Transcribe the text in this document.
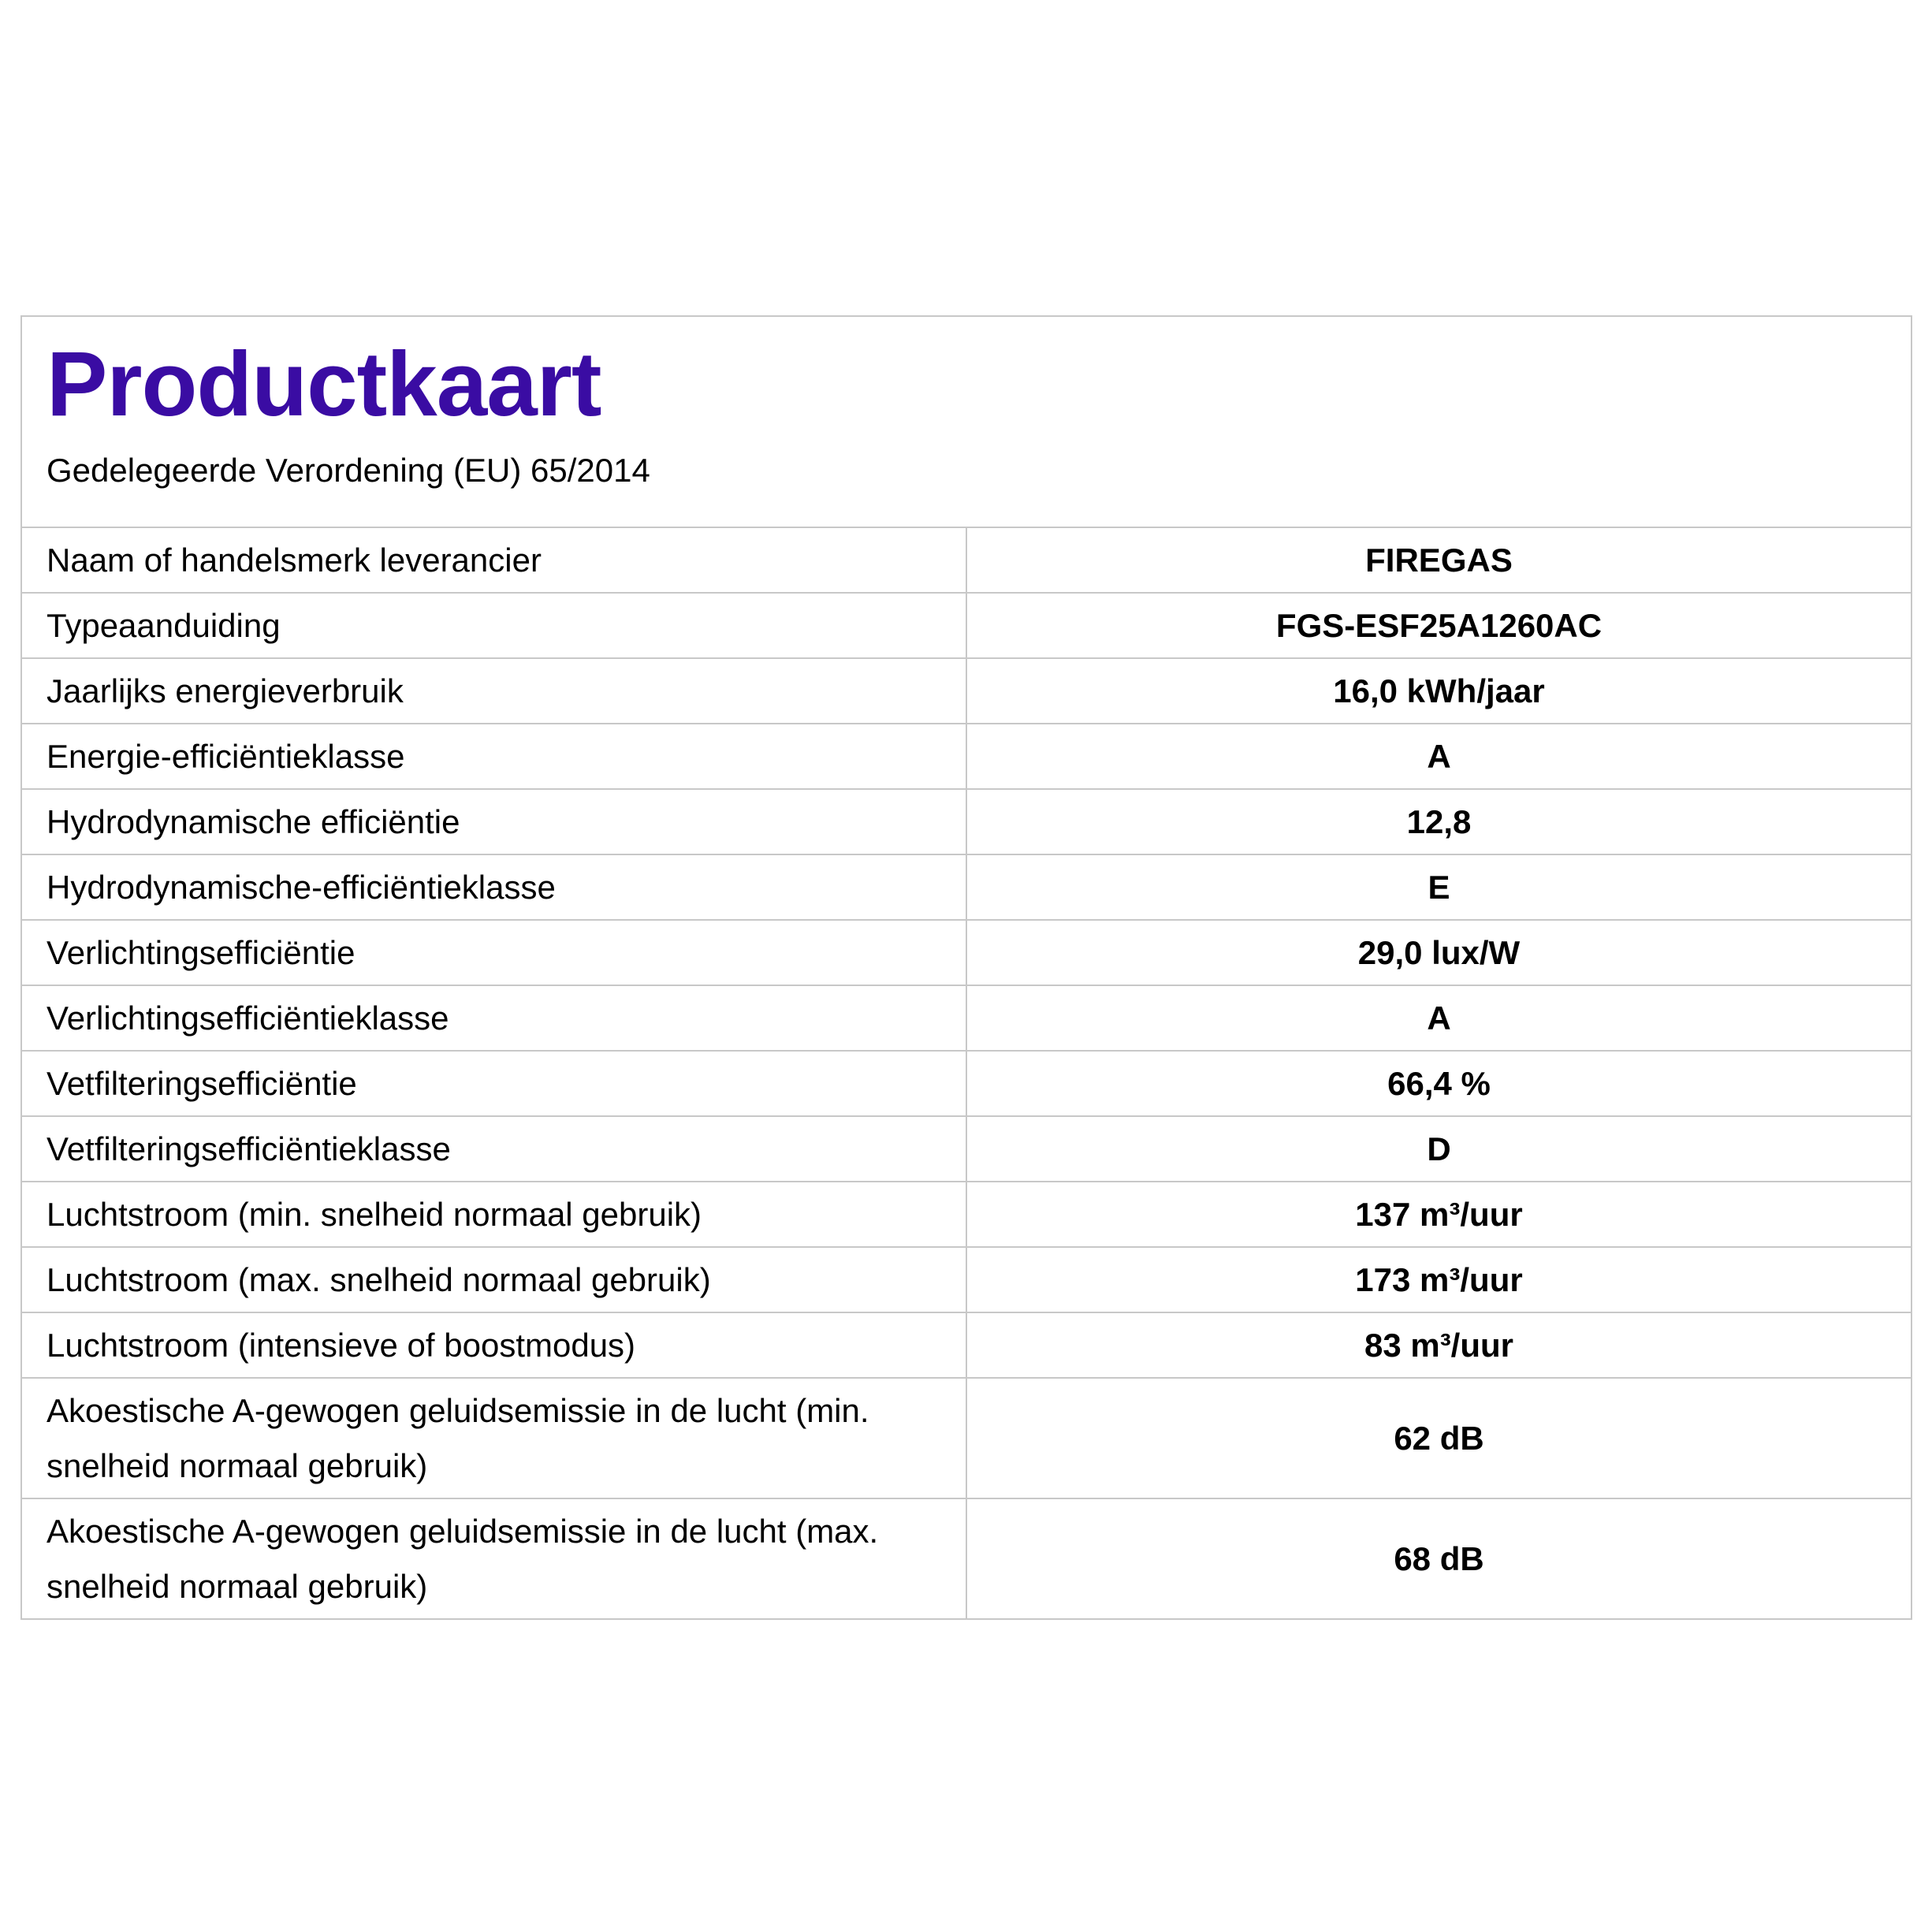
Productkaart

Gedelegeerde Verordening (EU) 65/2014

Naam of handelsmerk leverancier	FIREGAS
Typeaanduiding	FGS-ESF25A1260AC
Jaarlijks energieverbruik	16,0 kWh/jaar
Energie-efficiëntieklasse	A
Hydrodynamische efficiëntie	12,8
Hydrodynamische-efficiëntieklasse	E
Verlichtingsefficiëntie	29,0 lux/W
Verlichtingsefficiëntieklasse	A
Vetfilteringsefficiëntie	66,4 %
Vetfilteringsefficiëntieklasse	D
Luchtstroom (min. snelheid normaal gebruik)	137 m³/uur
Luchtstroom (max. snelheid normaal gebruik)	173 m³/uur
Luchtstroom (intensieve of boostmodus)	83 m³/uur
Akoestische A-gewogen geluidsemissie in de lucht (min. snelheid normaal gebruik)	62 dB
Akoestische A-gewogen geluidsemissie in de lucht (max. snelheid normaal gebruik)	68 dB
